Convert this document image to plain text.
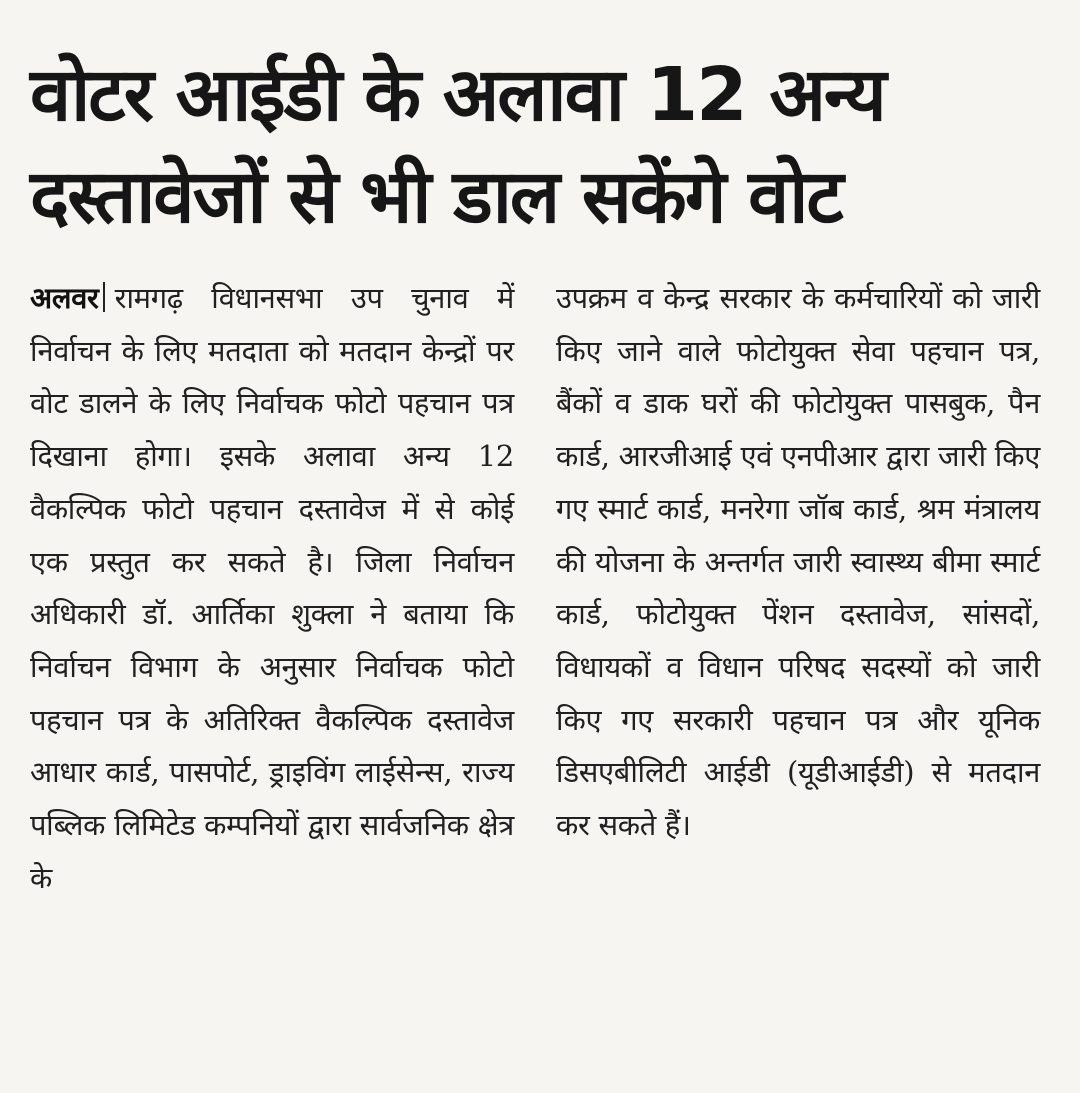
वोटर आईडी के अलावा 12 अन्य
दस्तावेजों से भी डाल सकेंगे वोट

अलवर रामगढ़ विधानसभा उप चुनाव में निर्वाचन के लिए मतदाता को मतदान केन्द्रों पर वोट डालने के लिए निर्वाचक फोटो पहचान पत्र दिखाना होगा। इसके अलावा अन्य 12 वैकल्पिक फोटो पहचान दस्तावेज में से कोई एक प्रस्तुत कर सकते है। जिला निर्वाचन अधिकारी डॉ. आर्तिका शुक्ला ने बताया कि निर्वाचन विभाग के अनुसार निर्वाचक फोटो पहचान पत्र के अतिरिक्त वैकल्पिक दस्तावेज आधार कार्ड, पासपोर्ट, ड्राइविंग लाईसेन्स, राज्य पब्लिक लिमिटेड कम्पनियों द्वारा सार्वजनिक क्षेत्र के

उपक्रम व केन्द्र सरकार के कर्मचारियों को जारी किए जाने वाले फोटोयुक्त सेवा पहचान पत्र, बैंकों व डाक घरों की फोटोयुक्त पासबुक, पैन कार्ड, आरजीआई एवं एनपीआर द्वारा जारी किए गए स्मार्ट कार्ड, मनरेगा जॉब कार्ड, श्रम मंत्रालय की योजना के अन्तर्गत जारी स्वास्थ्य बीमा स्मार्ट कार्ड, फोटोयुक्त पेंशन दस्तावेज, सांसदों, विधायकों व विधान परिषद सदस्यों को जारी किए गए सरकारी पहचान पत्र और यूनिक डिसएबीलिटी आईडी (यूडीआईडी) से मतदान कर सकते हैं।
